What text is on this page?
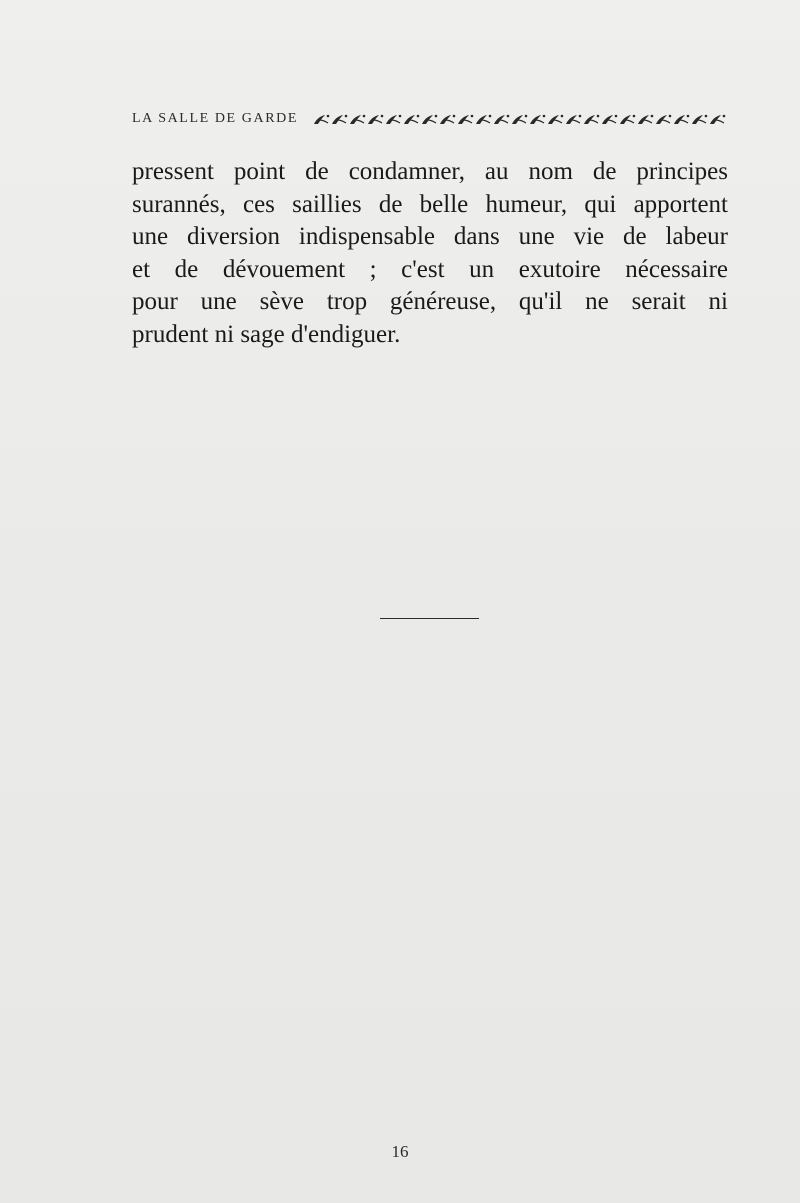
LA SALLE DE GARDE
pressent point de condamner, au nom de principes
surannés, ces saillies de belle humeur, qui apportent
une diversion indispensable dans une vie de labeur
et de dévouement ; c'est un exutoire nécessaire
pour une sève trop généreuse, qu'il ne serait ni
prudent ni sage d'endiguer.
16
